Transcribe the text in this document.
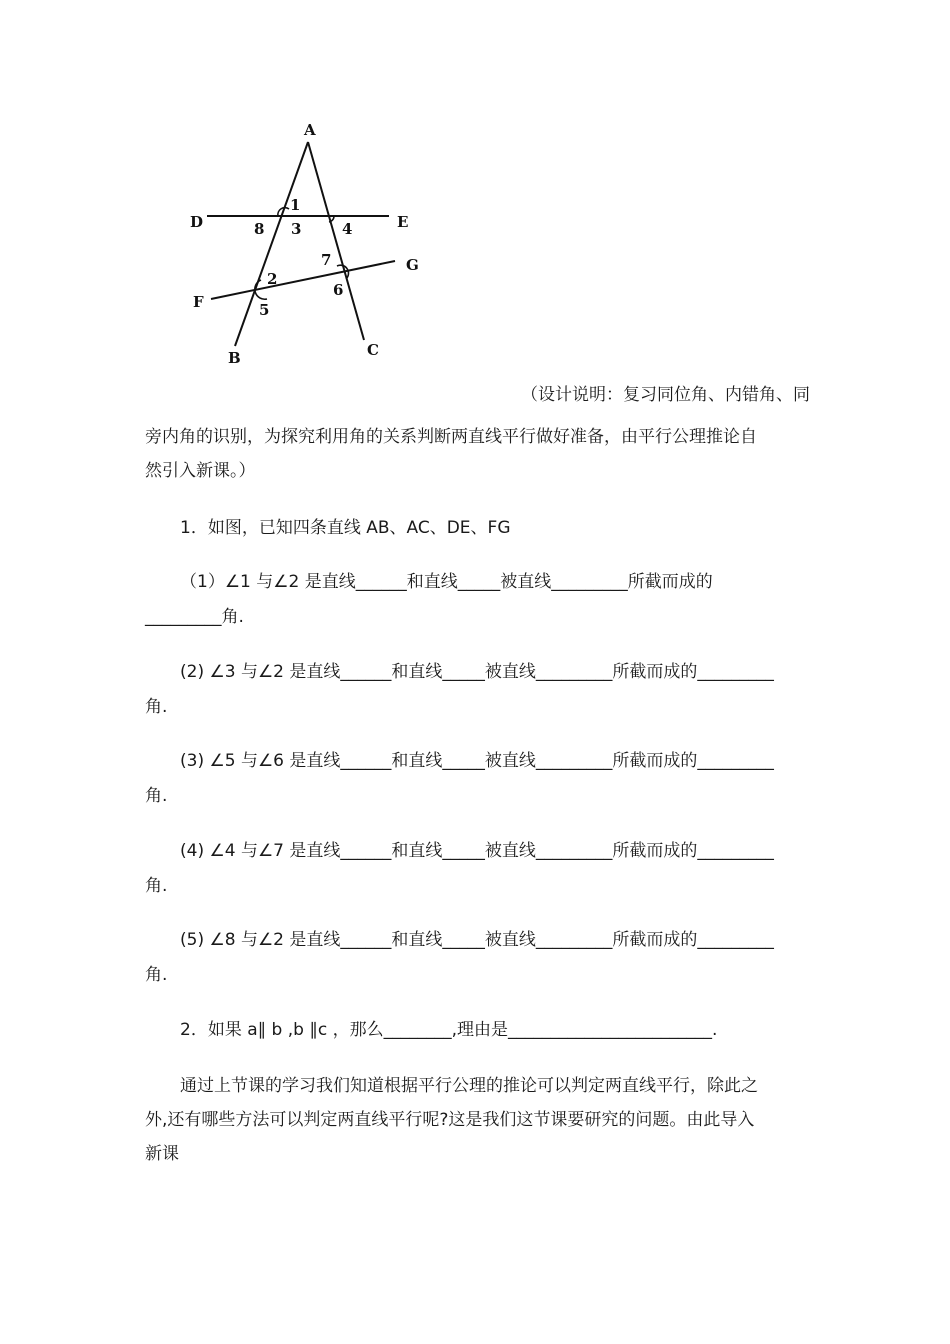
A
D	E
F
G
B	C
1
8 3	4
7
2
6
5

（设计说明：复习同位角、内错角、同

旁内角的识别，为探究利用角的关系判断两直线平行做好准备，由平行公理推论自

然引入新课。）

1．如图，已知四条直线 AB、AC、DE、FG

（1）∠1 与∠2 是直线______和直线_____被直线_________所截而成的

_________角.

(2) ∠3 与∠2 是直线______和直线_____被直线_________所截而成的_________

角.

(3) ∠5 与∠6 是直线______和直线_____被直线_________所截而成的_________

角.

(4) ∠4 与∠7 是直线______和直线_____被直线_________所截而成的_________

角.

(5) ∠8 与∠2 是直线______和直线_____被直线_________所截而成的_________

角.

2．如果 a∥ b ,b ∥c ，那么________,理由是________________________.

通过上节课的学习我们知道根据平行公理的推论可以判定两直线平行，除此之

外,还有哪些方法可以判定两直线平行呢?这是我们这节课要研究的问题。由此导入

新课
